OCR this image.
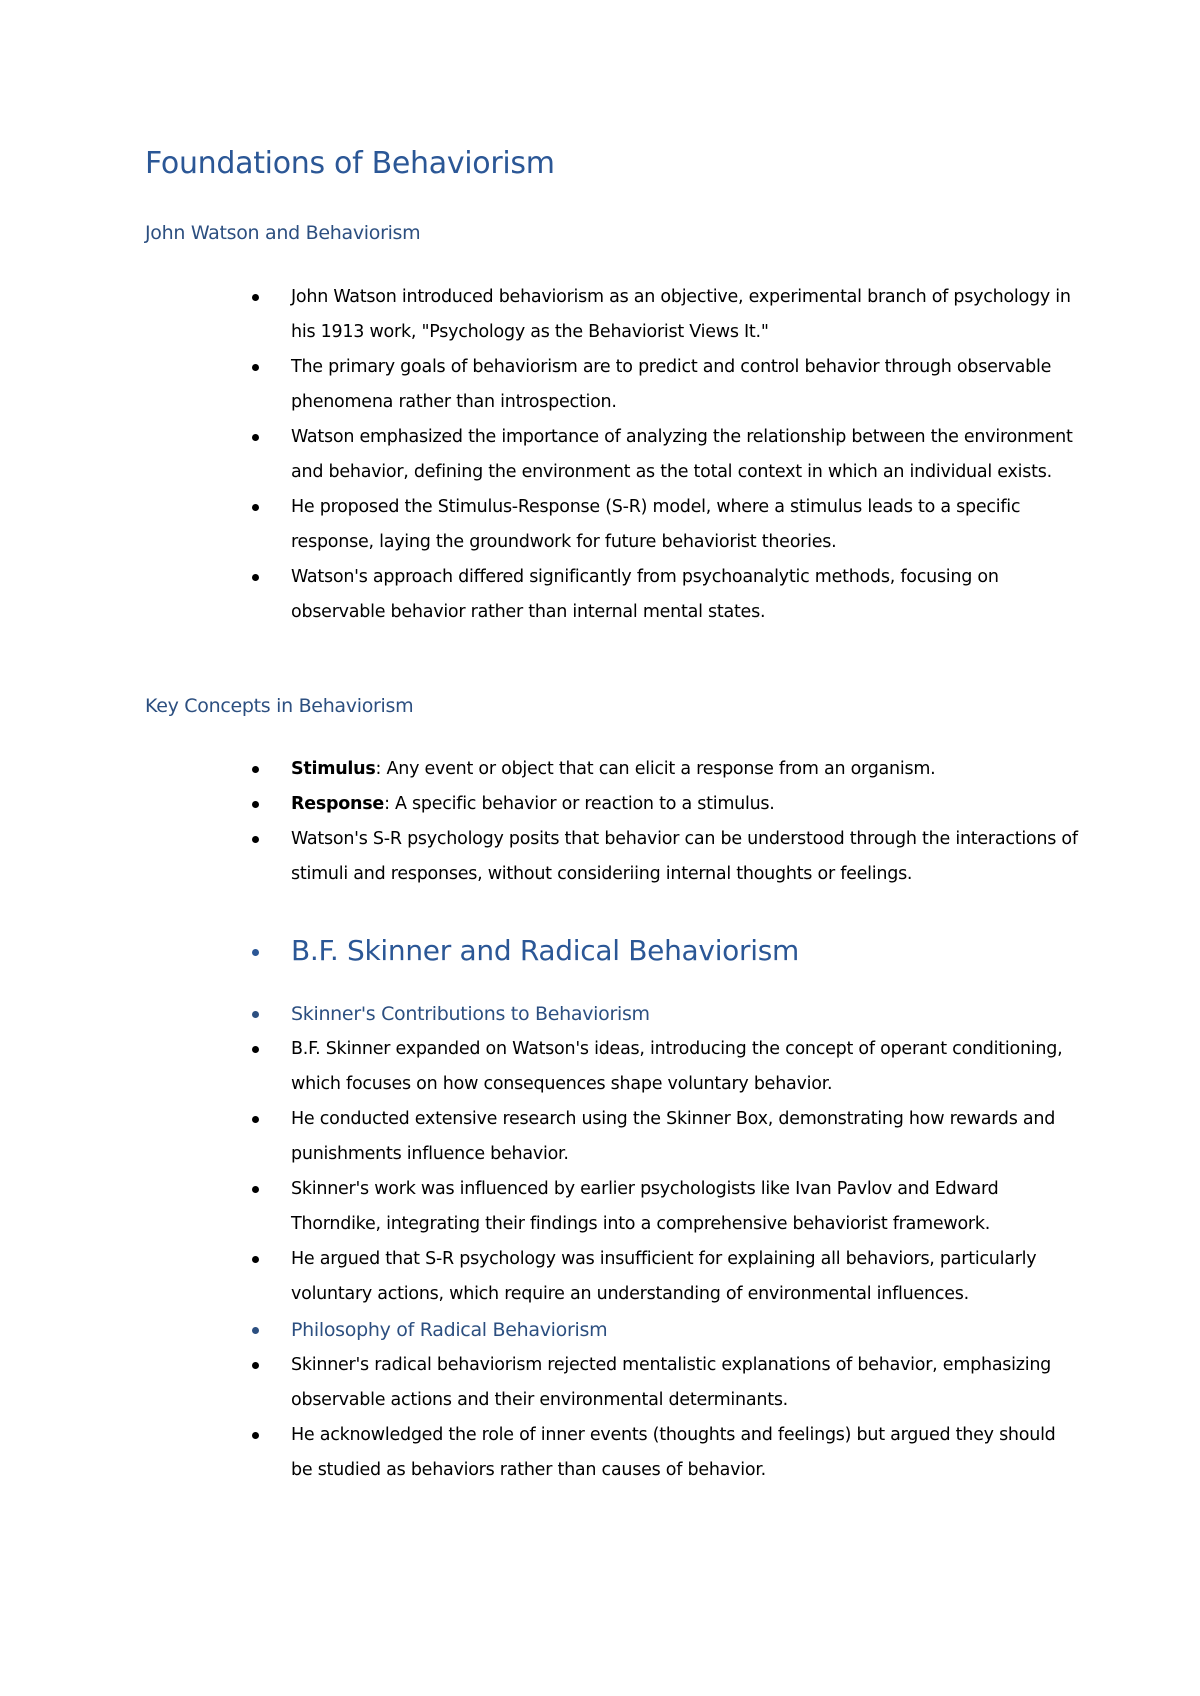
Foundations of Behaviorism
John Watson and Behaviorism
John Watson introduced behaviorism as an objective, experimental branch of psychology in his 1913 work, "Psychology as the Behaviorist Views It."
The primary goals of behaviorism are to predict and control behavior through observable phenomena rather than introspection.
Watson emphasized the importance of analyzing the relationship between the environment and behavior, defining the environment as the total context in which an individual exists.
He proposed the Stimulus-Response (S-R) model, where a stimulus leads to a specific response, laying the groundwork for future behaviorist theories.
Watson's approach differed significantly from psychoanalytic methods, focusing on observable behavior rather than internal mental states.
Key Concepts in Behaviorism
Stimulus: Any event or object that can elicit a response from an organism.
Response: A specific behavior or reaction to a stimulus.
Watson's S-R psychology posits that behavior can be understood through the interactions of stimuli and responses, without consideriing internal thoughts or feelings.
B.F. Skinner and Radical Behaviorism
Skinner's Contributions to Behaviorism
B.F. Skinner expanded on Watson's ideas, introducing the concept of operant conditioning, which focuses on how consequences shape voluntary behavior.
He conducted extensive research using the Skinner Box, demonstrating how rewards and punishments influence behavior.
Skinner's work was influenced by earlier psychologists like Ivan Pavlov and Edward Thorndike, integrating their findings into a comprehensive behaviorist framework.
He argued that S-R psychology was insufficient for explaining all behaviors, particularly voluntary actions, which require an understanding of environmental influences.
Philosophy of Radical Behaviorism
Skinner's radical behaviorism rejected mentalistic explanations of behavior, emphasizing observable actions and their environmental determinants.
He acknowledged the role of inner events (thoughts and feelings) but argued they should be studied as behaviors rather than causes of behavior.
